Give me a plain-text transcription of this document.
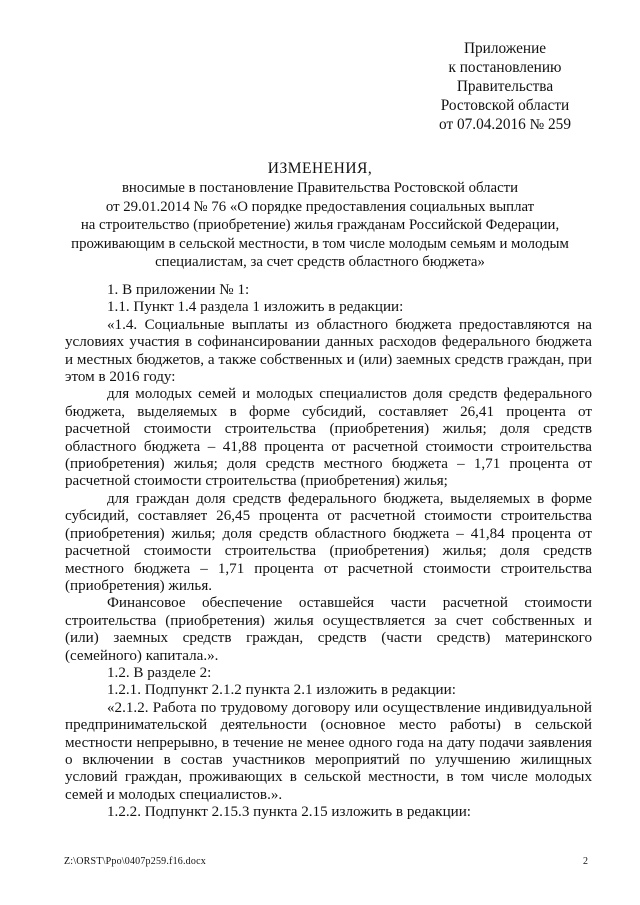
Приложение
к постановлению
Правительства
Ростовской области
от 07.04.2016 № 259
ИЗМЕНЕНИЯ,
вносимые в постановление Правительства Ростовской области
от 29.01.2014 № 76 «О порядке предоставления социальных выплат
на строительство (приобретение) жилья гражданам Российской Федерации,
проживающим в сельской местности, в том числе молодым семьям и молодым
специалистам, за счет средств областного бюджета»

1. В приложении № 1:

1.1. Пункт 1.4 раздела 1 изложить в редакции:

«1.4. Социальные выплаты из областного бюджета предоставляются на условиях участия в софинансировании данных расходов федерального бюджета и местных бюджетов, а также собственных и (или) заемных средств граждан, при этом в 2016 году:

для молодых семей и молодых специалистов доля средств федерального бюджета, выделяемых в форме субсидий, составляет 26,41 процента от расчетной стоимости строительства (приобретения) жилья; доля средств областного бюджета – 41,88 процента от расчетной стоимости строительства (приобретения) жилья; доля средств местного бюджета – 1,71 процента от расчетной стоимости строительства (приобретения) жилья;

для граждан доля средств федерального бюджета, выделяемых в форме субсидий, составляет 26,45 процента от расчетной стоимости строительства (приобретения) жилья; доля средств областного бюджета – 41,84 процента от расчетной стоимости строительства (приобретения) жилья; доля средств местного бюджета – 1,71 процента от расчетной стоимости строительства (приобретения) жилья.

Финансовое обеспечение оставшейся части расчетной стоимости строительства (приобретения) жилья осуществляется за счет собственных и (или) заемных средств граждан, средств (части средств) материнского (семейного) капитала.».

1.2. В разделе 2:

1.2.1. Подпункт 2.1.2 пункта 2.1 изложить в редакции:

«2.1.2. Работа по трудовому договору или осуществление индивидуальной предпринимательской деятельности (основное место работы) в сельской местности непрерывно, в течение не менее одного года на дату подачи заявления о включении в состав участников мероприятий по улучшению жилищных условий граждан, проживающих в сельской местности, в том числе молодых семей и молодых специалистов.».

1.2.2. Подпункт 2.15.3 пункта 2.15 изложить в редакции:

Z:\ORST\Ppo\0407p259.f16.docx	2
